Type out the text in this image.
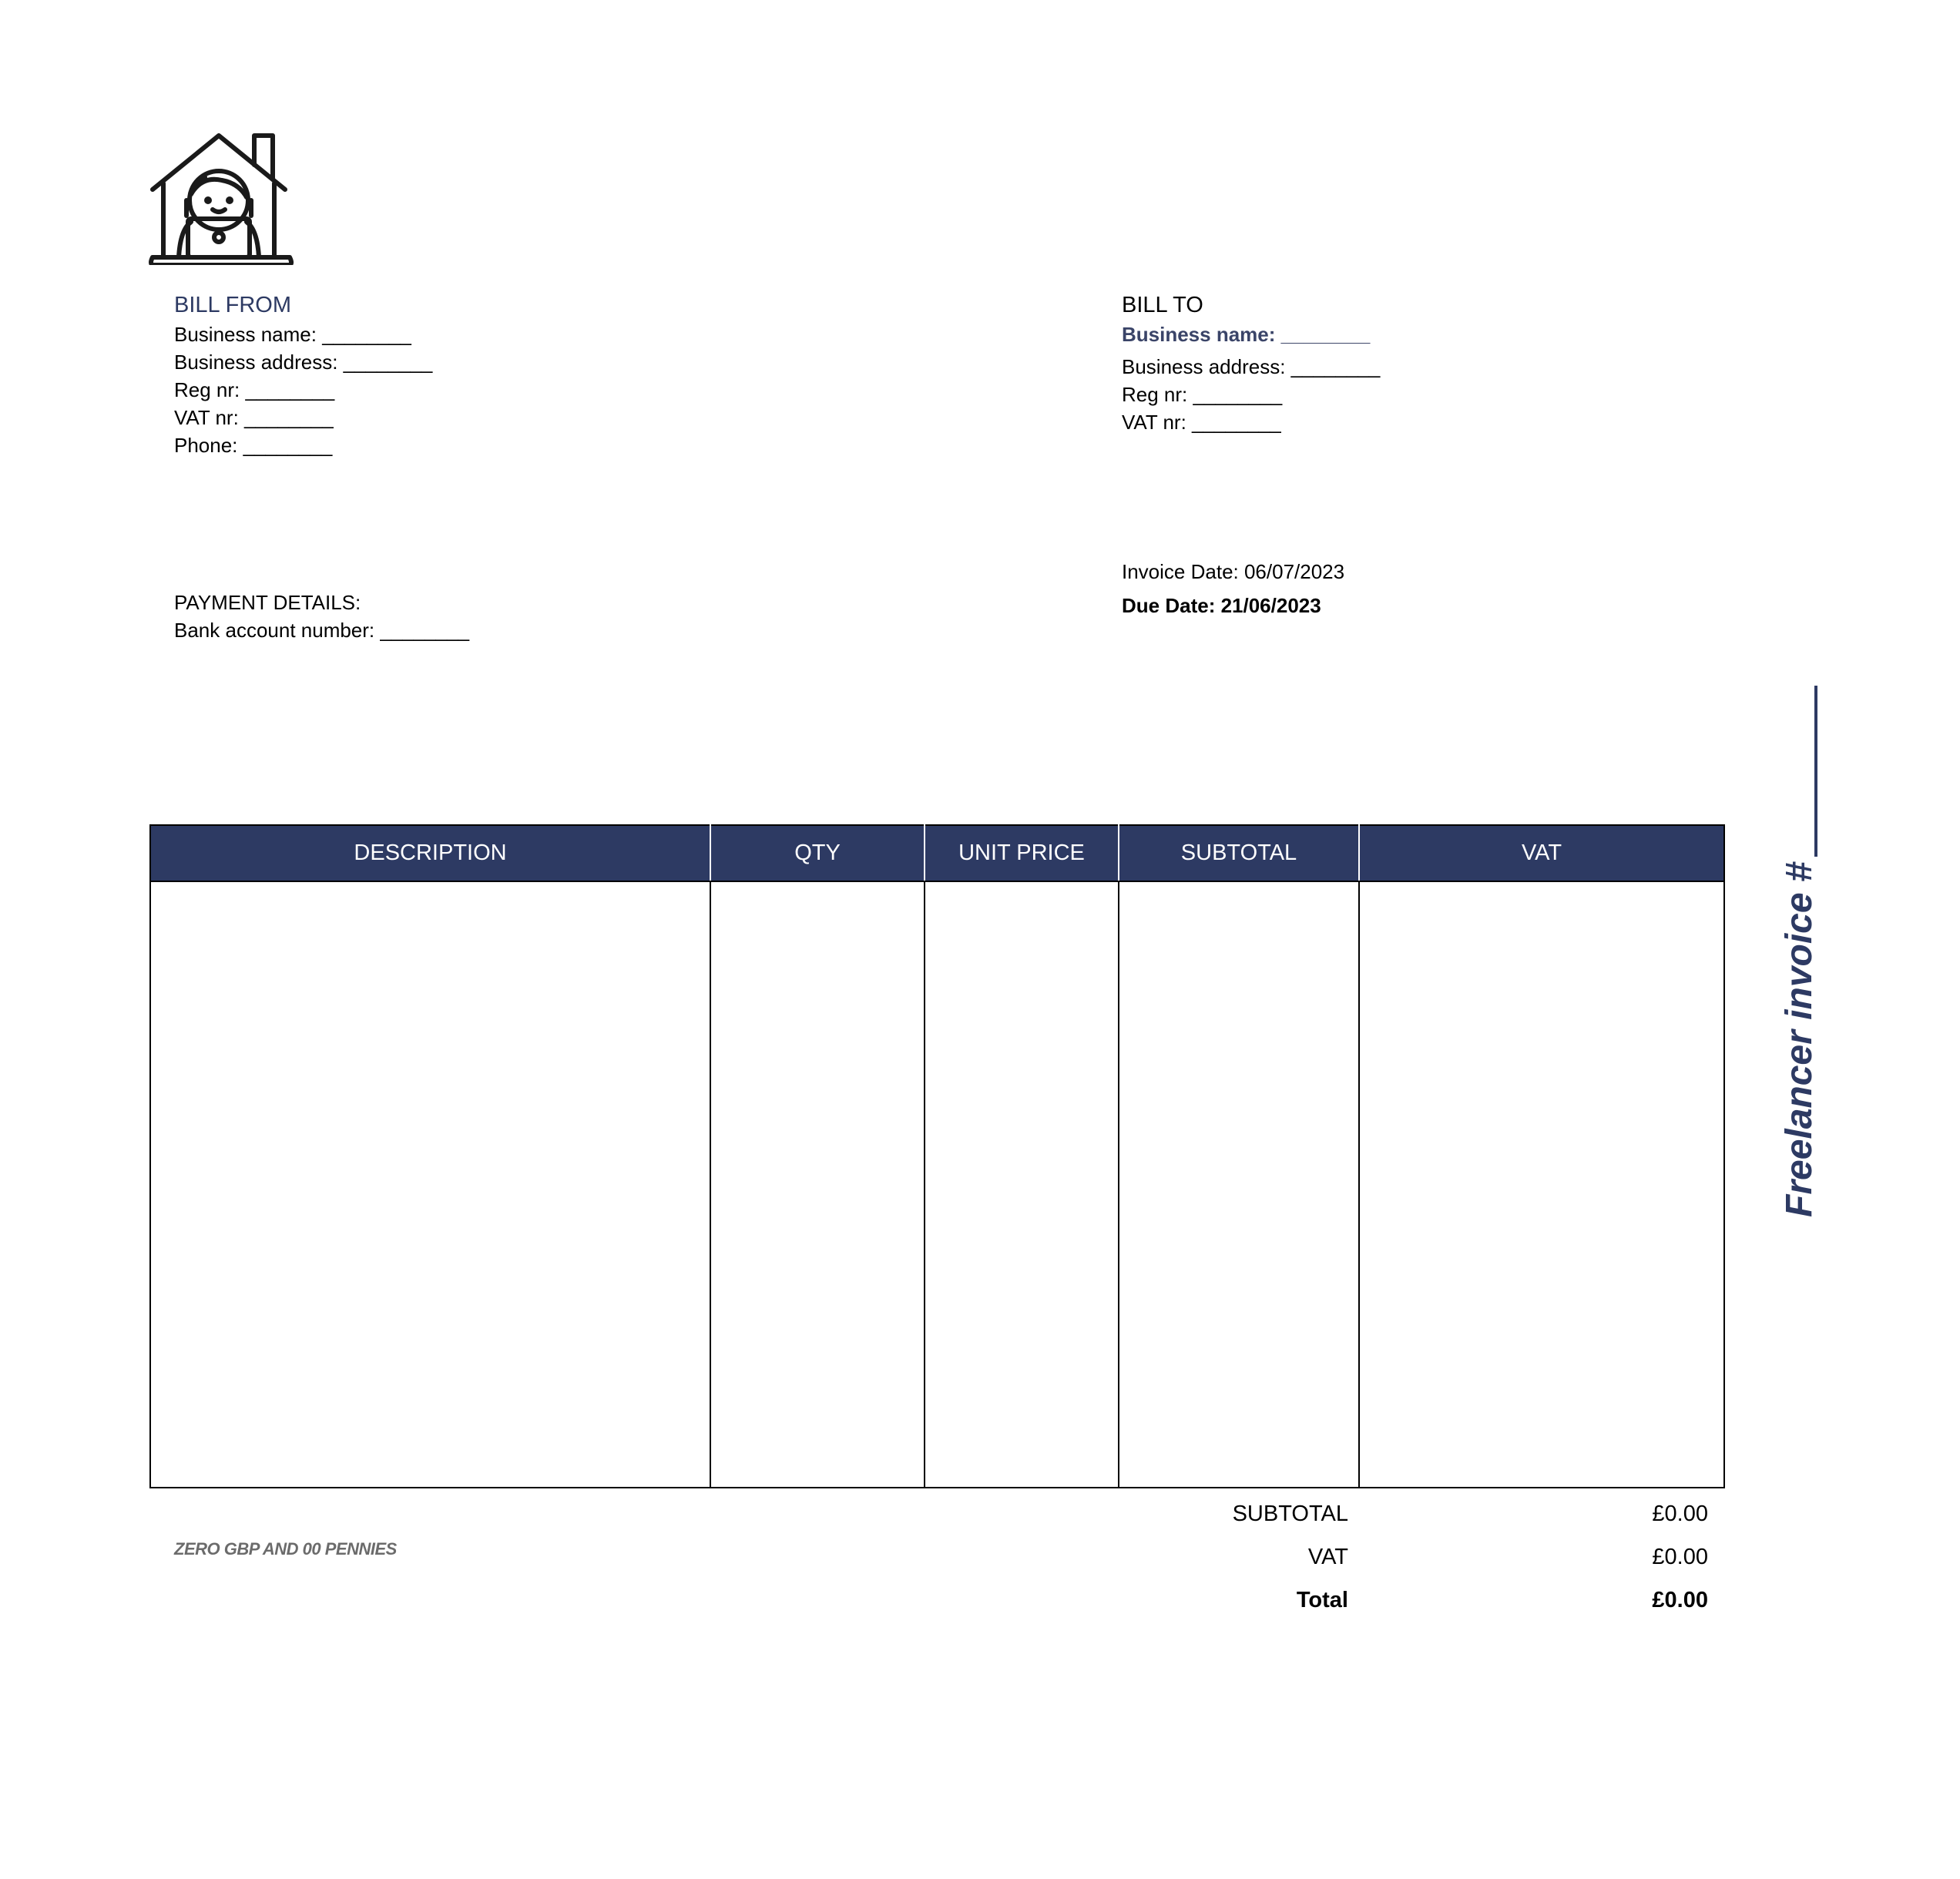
BILL FROM
Business name: ________
Business address: ________
Reg nr: ________
VAT nr: ________
Phone: ________
BILL TO
Business name: ________
Business address: ________
Reg nr: ________
VAT nr: ________
PAYMENT DETAILS:
Bank account number: ________
Invoice Date: 06/07/2023
Due Date: 21/06/2023
DESCRIPTION	QTY	UNIT PRICE	SUBTOTAL	VAT

ZERO GBP AND 00 PENNIES
SUBTOTAL	£0.00
VAT	£0.00
Total	£0.00
Freelancer invoice #
